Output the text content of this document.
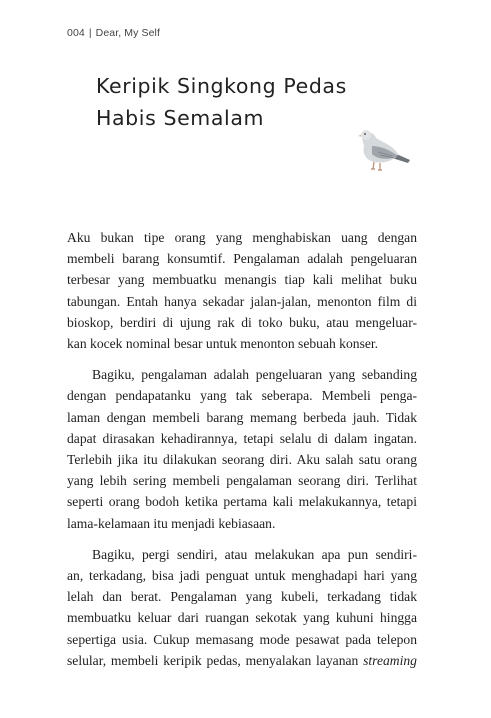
004 | Dear, My Self
Keripik Singkong Pedas
Habis Semalam
Aku bukan tipe orang yang menghabiskan uang dengan
membeli barang konsumtif. Pengalaman adalah pengeluaran
terbesar yang membuatku menangis tiap kali melihat buku
tabungan. Entah hanya sekadar jalan-jalan, menonton film di
bioskop, berdiri di ujung rak di toko buku, atau mengeluar-
kan kocek nominal besar untuk menonton sebuah konser.
Bagiku, pengalaman adalah pengeluaran yang sebanding
dengan pendapatanku yang tak seberapa. Membeli penga-
laman dengan membeli barang memang berbeda jauh. Tidak
dapat dirasakan kehadirannya, tetapi selalu di dalam ingatan.
Terlebih jika itu dilakukan seorang diri. Aku salah satu orang
yang lebih sering membeli pengalaman seorang diri. Terlihat
seperti orang bodoh ketika pertama kali melakukannya, tetapi
lama-kelamaan itu menjadi kebiasaan.
Bagiku, pergi sendiri, atau melakukan apa pun sendiri-
an, terkadang, bisa jadi penguat untuk menghadapi hari yang
lelah dan berat. Pengalaman yang kubeli, terkadang tidak
membuatku keluar dari ruangan sekotak yang kuhuni hingga
sepertiga usia. Cukup memasang mode pesawat pada telepon
selular, membeli keripik pedas, menyalakan layanan streaming
